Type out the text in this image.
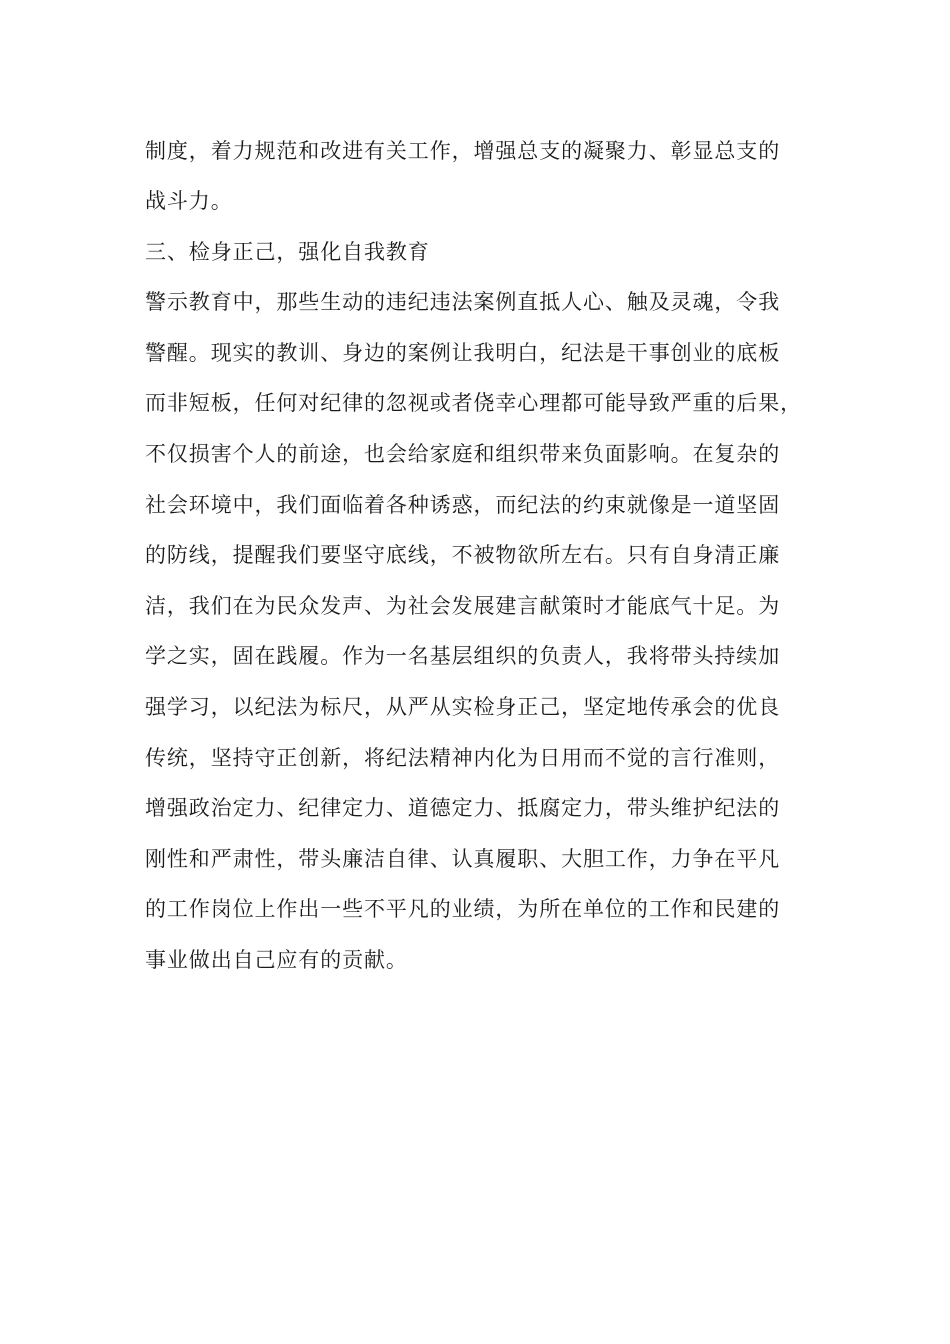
制度，着力规范和改进有关工作，增强总支的凝聚力、彰显总支的
战斗力。
三、检身正己，强化自我教育
警示教育中，那些生动的违纪违法案例直抵人心、触及灵魂，令我
警醒。现实的教训、身边的案例让我明白，纪法是干事创业的底板
而非短板，任何对纪律的忽视或者侥幸心理都可能导致严重的后果，
不仅损害个人的前途，也会给家庭和组织带来负面影响。在复杂的
社会环境中，我们面临着各种诱惑，而纪法的约束就像是一道坚固
的防线，提醒我们要坚守底线，不被物欲所左右。只有自身清正廉
洁，我们在为民众发声、为社会发展建言献策时才能底气十足。为
学之实，固在践履。作为一名基层组织的负责人，我将带头持续加
强学习，以纪法为标尺，从严从实检身正己，坚定地传承会的优良
传统，坚持守正创新，将纪法精神内化为日用而不觉的言行准则，
增强政治定力、纪律定力、道德定力、抵腐定力，带头维护纪法的
刚性和严肃性，带头廉洁自律、认真履职、大胆工作，力争在平凡
的工作岗位上作出一些不平凡的业绩，为所在单位的工作和民建的
事业做出自己应有的贡献。
